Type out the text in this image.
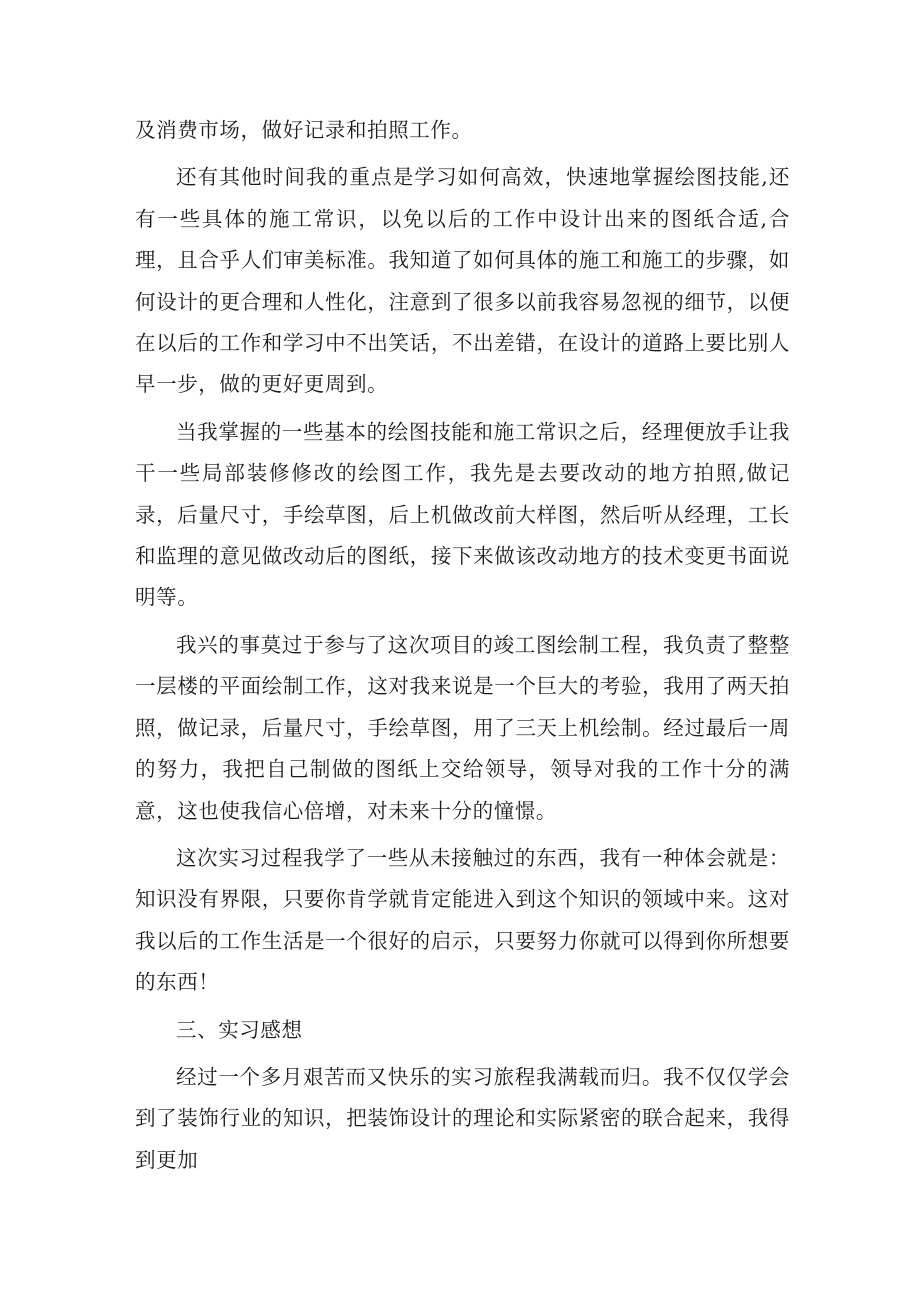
及消费市场，做好记录和拍照工作。

还有其他时间我的重点是学习如何高效，快速地掌握绘图技能,还有一些具体的施工常识，以免以后的工作中设计出来的图纸合适,合理，且合乎人们审美标准。我知道了如何具体的施工和施工的步骤，如何设计的更合理和人性化，注意到了很多以前我容易忽视的细节，以便在以后的工作和学习中不出笑话，不出差错，在设计的道路上要比别人早一步，做的更好更周到。

当我掌握的一些基本的绘图技能和施工常识之后，经理便放手让我干一些局部装修修改的绘图工作，我先是去要改动的地方拍照,做记录，后量尺寸，手绘草图，后上机做改前大样图，然后听从经理，工长和监理的意见做改动后的图纸，接下来做该改动地方的技术变更书面说明等。

我兴的事莫过于参与了这次项目的竣工图绘制工程，我负责了整整一层楼的平面绘制工作，这对我来说是一个巨大的考验，我用了两天拍照，做记录，后量尺寸，手绘草图，用了三天上机绘制。经过最后一周的努力，我把自己制做的图纸上交给领导，领导对我的工作十分的满意，这也使我信心倍增，对未来十分的憧憬。

这次实习过程我学了一些从未接触过的东西，我有一种体会就是：知识没有界限，只要你肯学就肯定能进入到这个知识的领域中来。这对我以后的工作生活是一个很好的启示，只要努力你就可以得到你所想要的东西！

三、实习感想

经过一个多月艰苦而又快乐的实习旅程我满载而归。我不仅仅学会到了装饰行业的知识，把装饰设计的理论和实际紧密的联合起来，我得到更加
